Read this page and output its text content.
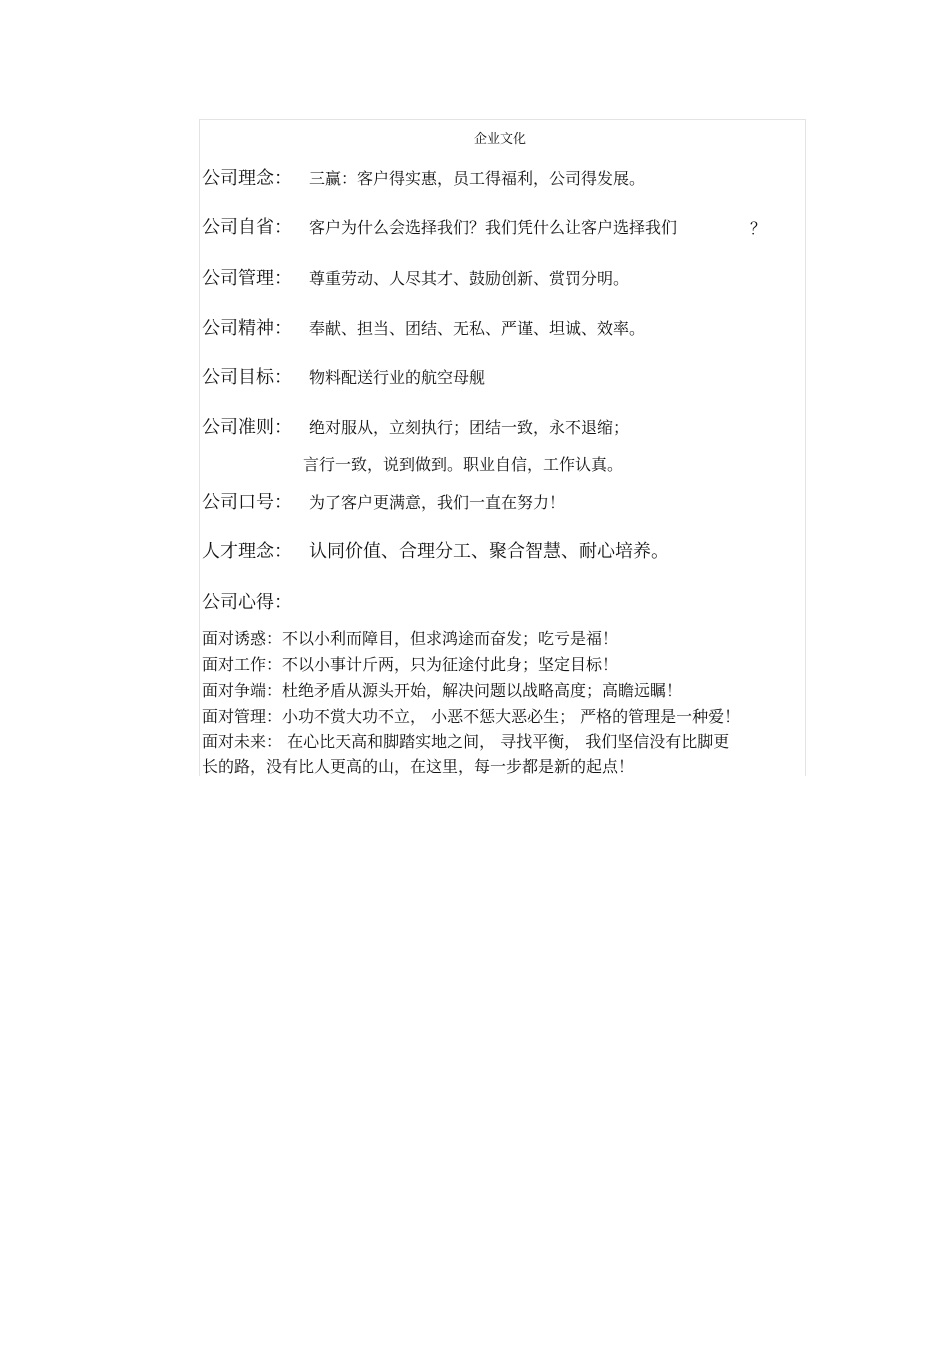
企业文化
公司理念： 三赢：客户得实惠，员工得福利，公司得发展。
公司自省： 客户为什么会选择我们？我们凭什么让客户选择我们	？
公司管理： 尊重劳动、人尽其才、鼓励创新、赏罚分明。
公司精神： 奉献、担当、团结、无私、严谨、坦诚、效率。
公司目标： 物料配送行业的航空母舰
公司准则： 绝对服从，立刻执行；团结一致，永不退缩；
言行一致，说到做到。职业自信，工作认真。
公司口号： 为了客户更满意，我们一直在努力！
人才理念： 认同价值、合理分工、聚合智慧、耐心培养。
公司心得：
面对诱惑：不以小利而障目，但求鸿途而奋发；吃亏是福！
面对工作：不以小事计斤两，只为征途付此身；坚定目标！
面对争端：杜绝矛盾从源头开始，解决问题以战略高度；高瞻远瞩！
面对管理：小功不赏大功不立， 小恶不惩大恶必生； 严格的管理是一种爱！
面对未来： 在心比天高和脚踏实地之间， 寻找平衡， 我们坚信没有比脚更
长的路，没有比人更高的山，在这里，每一步都是新的起点！
